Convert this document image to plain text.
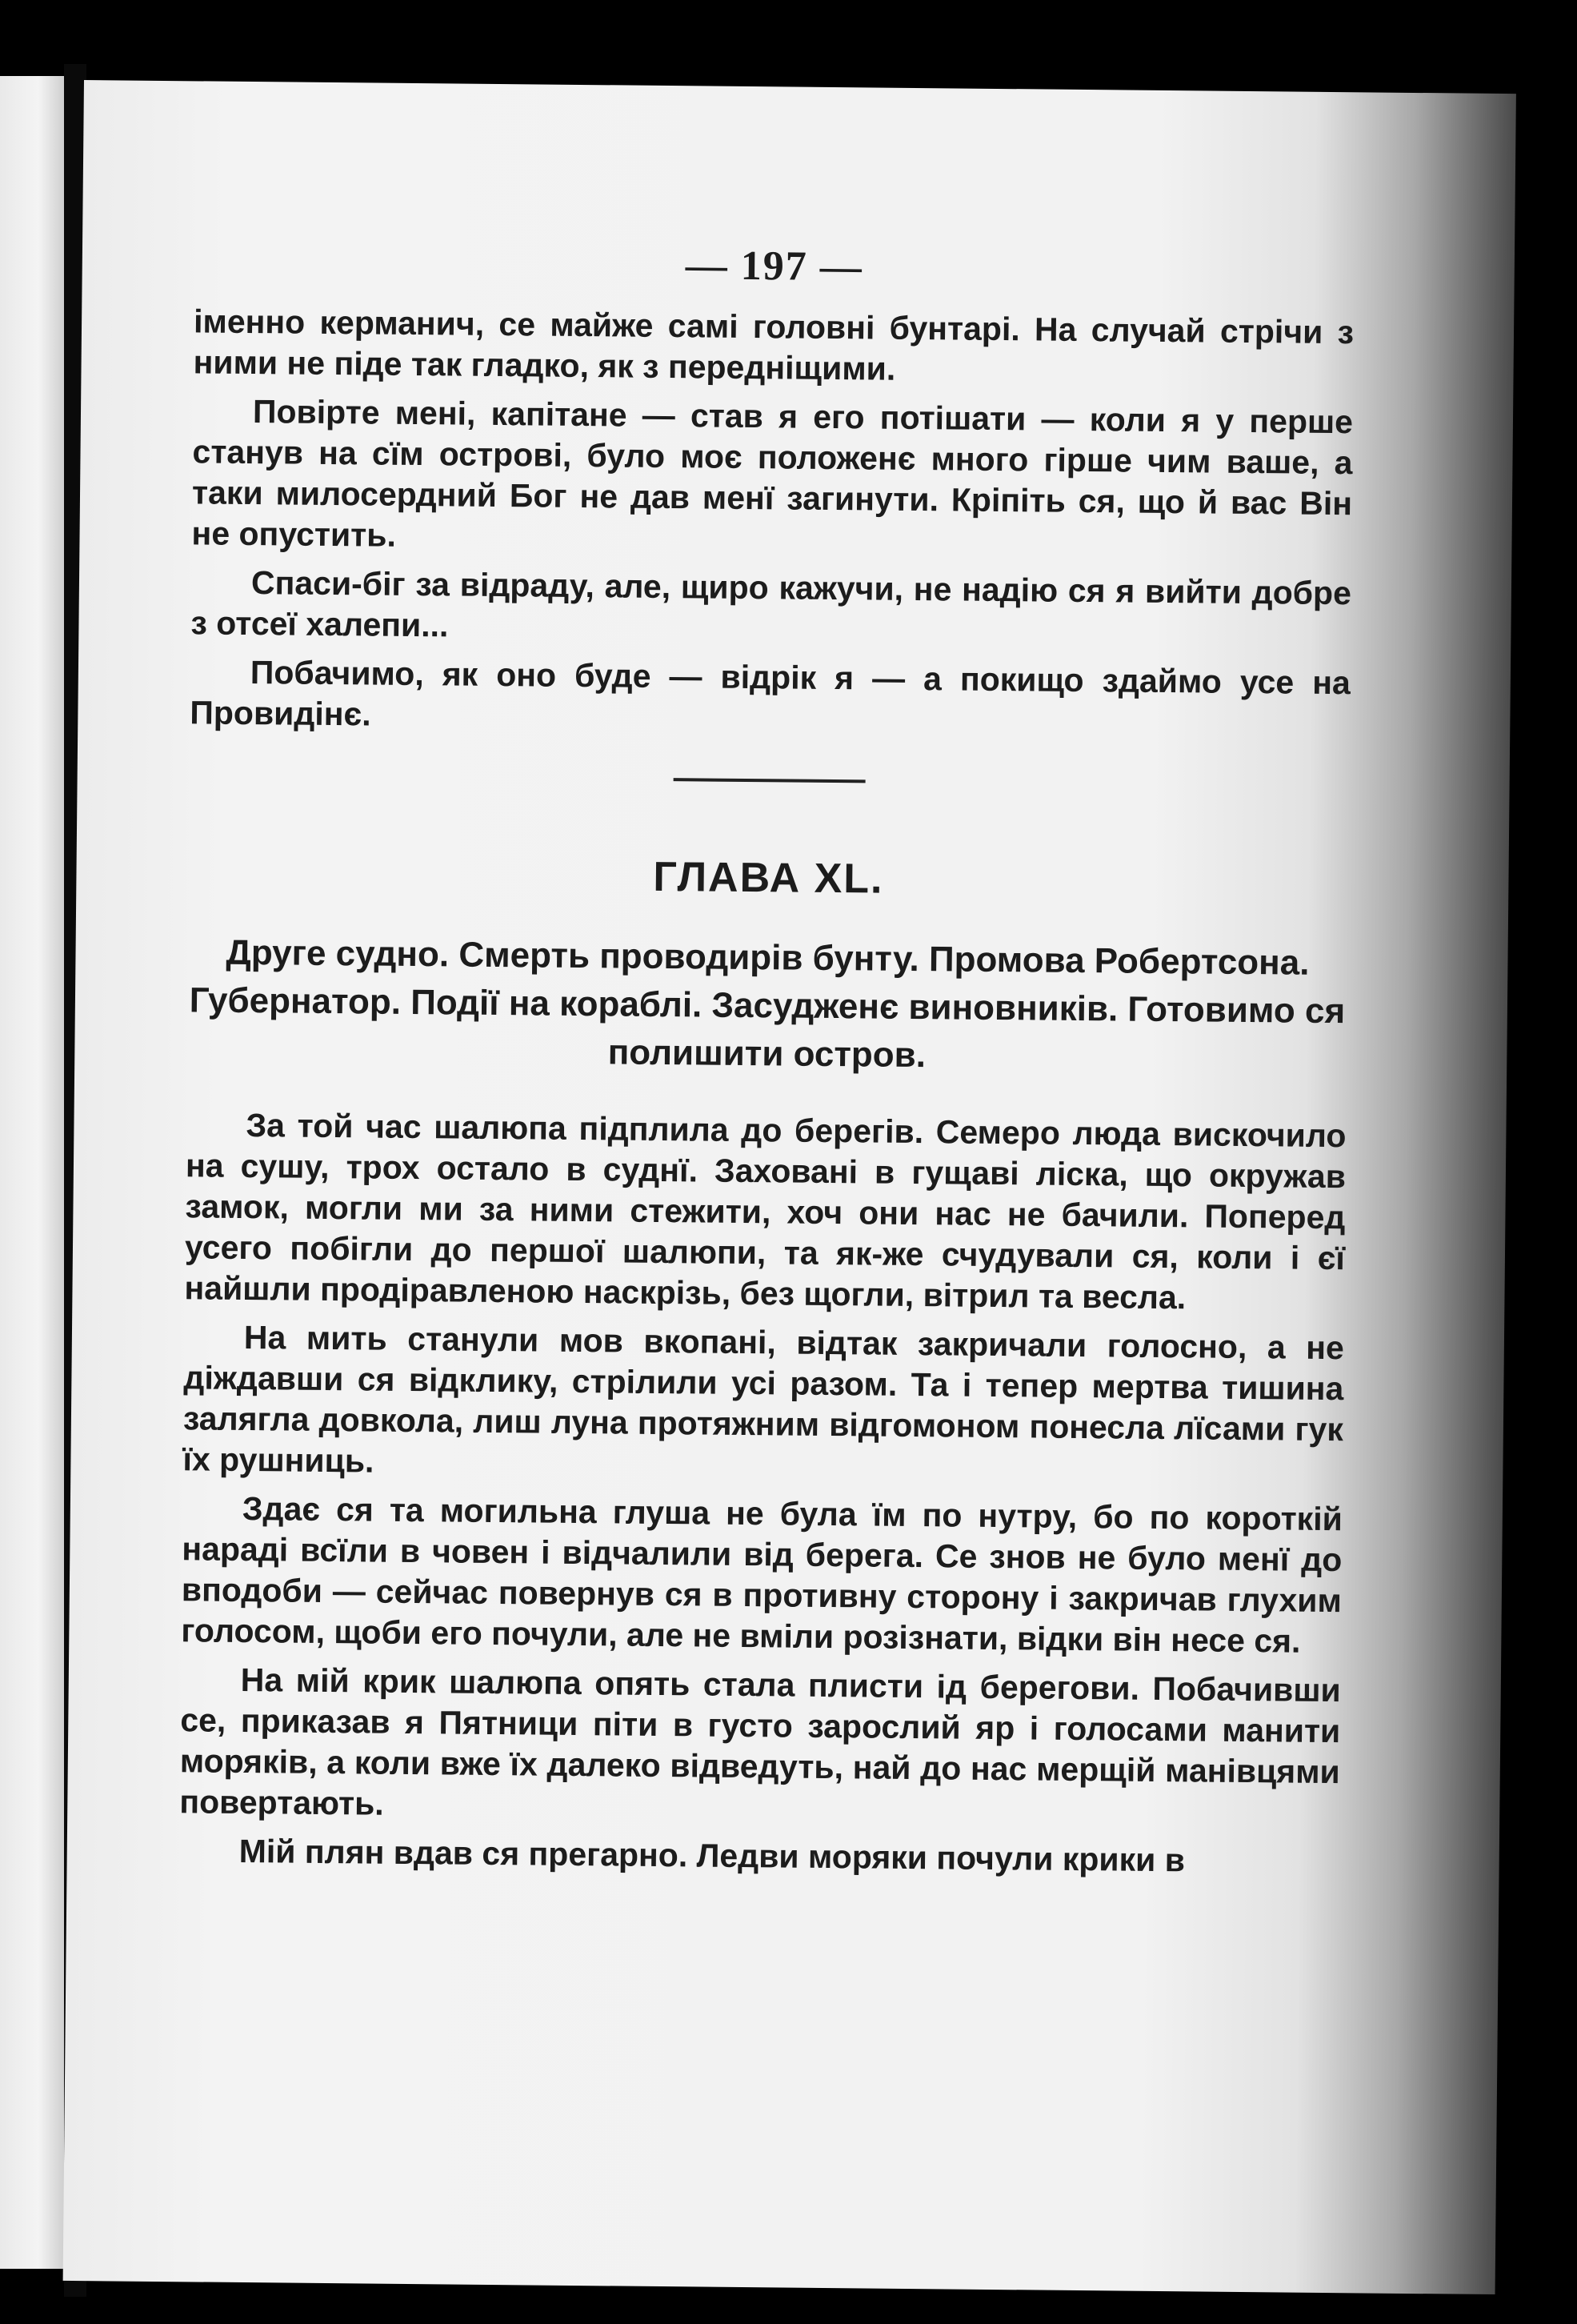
— 197 —

іменно керманич, се майже самі головні бунтарі. На случай стрічи з ними не піде так гладко, як з передніщими.

Повірте мені, капітане — став я его потішати — коли я у перше станув на сїм острові, було моє положенє много гірше чим ваше, а таки милосердний Бог не дав менї загинути. Кріпіть ся, що й вас Він не опустить.

Спаси-біг за відраду, але, щиро кажучи, не надію ся я вийти добре з отсеї халепи...

Побачимо, як оно буде — відрік я — а покищо здаймо усе на Провидінє.

ГЛАВА XL.
Друге судно. Смерть проводирів бунту. Промова Робертсона. Губернатор. Події на кораблі. Засудженє виновників. Готовимо ся полишити остров.

За той час шалюпа підплила до берегів. Семеро люда вискочило на сушу, трох остало в суднї. Заховані в гущаві ліска, що окружав замок, могли ми за ними стежити, хоч они нас не бачили. Поперед усего побігли до першої шалюпи, та як-же счудували ся, коли і єї найшли продіравленою наскрізь, без щогли, вітрил та весла.

На мить станули мов вкопані, відтак закричали голосно, а не діждавши ся відклику, стрілили усі разом. Та і тепер мертва тишина залягла довкола, лиш луна протяжним відгомоном понесла лїсами гук їх рушниць.

Здає ся та могильна глуша не була їм по нутру, бо по короткій нараді всїли в човен і відчалили від берега. Се знов не було менї до вподоби — сейчас повернув ся в противну сторону і закричав глухим голосом, щоби его почули, але не вміли розізнати, відки він несе ся.

На мій крик шалюпа опять стала плисти ід берегови. Побачивши се, приказав я Пятници піти в густо зарослий яр і голосами манити моряків, а коли вже їх далеко відведуть, най до нас мерщій манівцями повертають.

Мій плян вдав ся прегарно. Ледви моряки почули крики в
